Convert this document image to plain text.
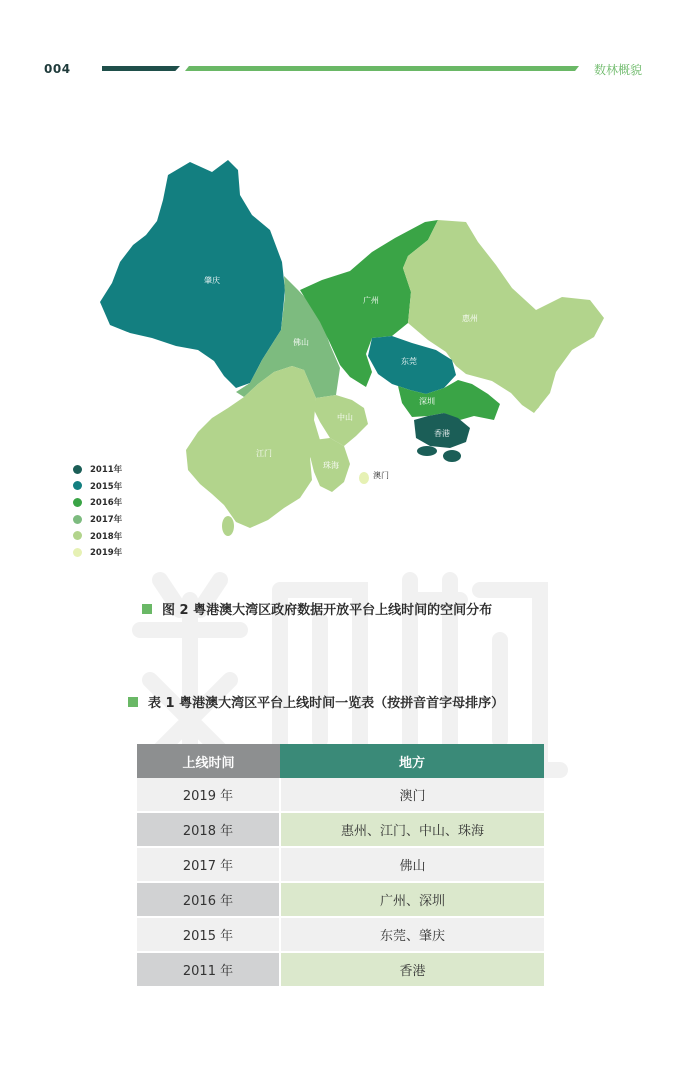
004	数林概貌
肇庆
佛山
广州
惠州
东莞
深圳
香港
中山
江门
珠海
澳门
2011年
2015年
2016年
2017年
2018年
2019年
图 2 粤港澳大湾区政府数据开放平台上线时间的空间分布
表 1 粤港澳大湾区平台上线时间一览表（按拼音首字母排序）
上线时间	地方
2019 年	澳门
2018 年	惠州、江门、中山、珠海
2017 年	佛山
2016 年	广州、深圳
2015 年	东莞、肇庆
2011 年	香港
